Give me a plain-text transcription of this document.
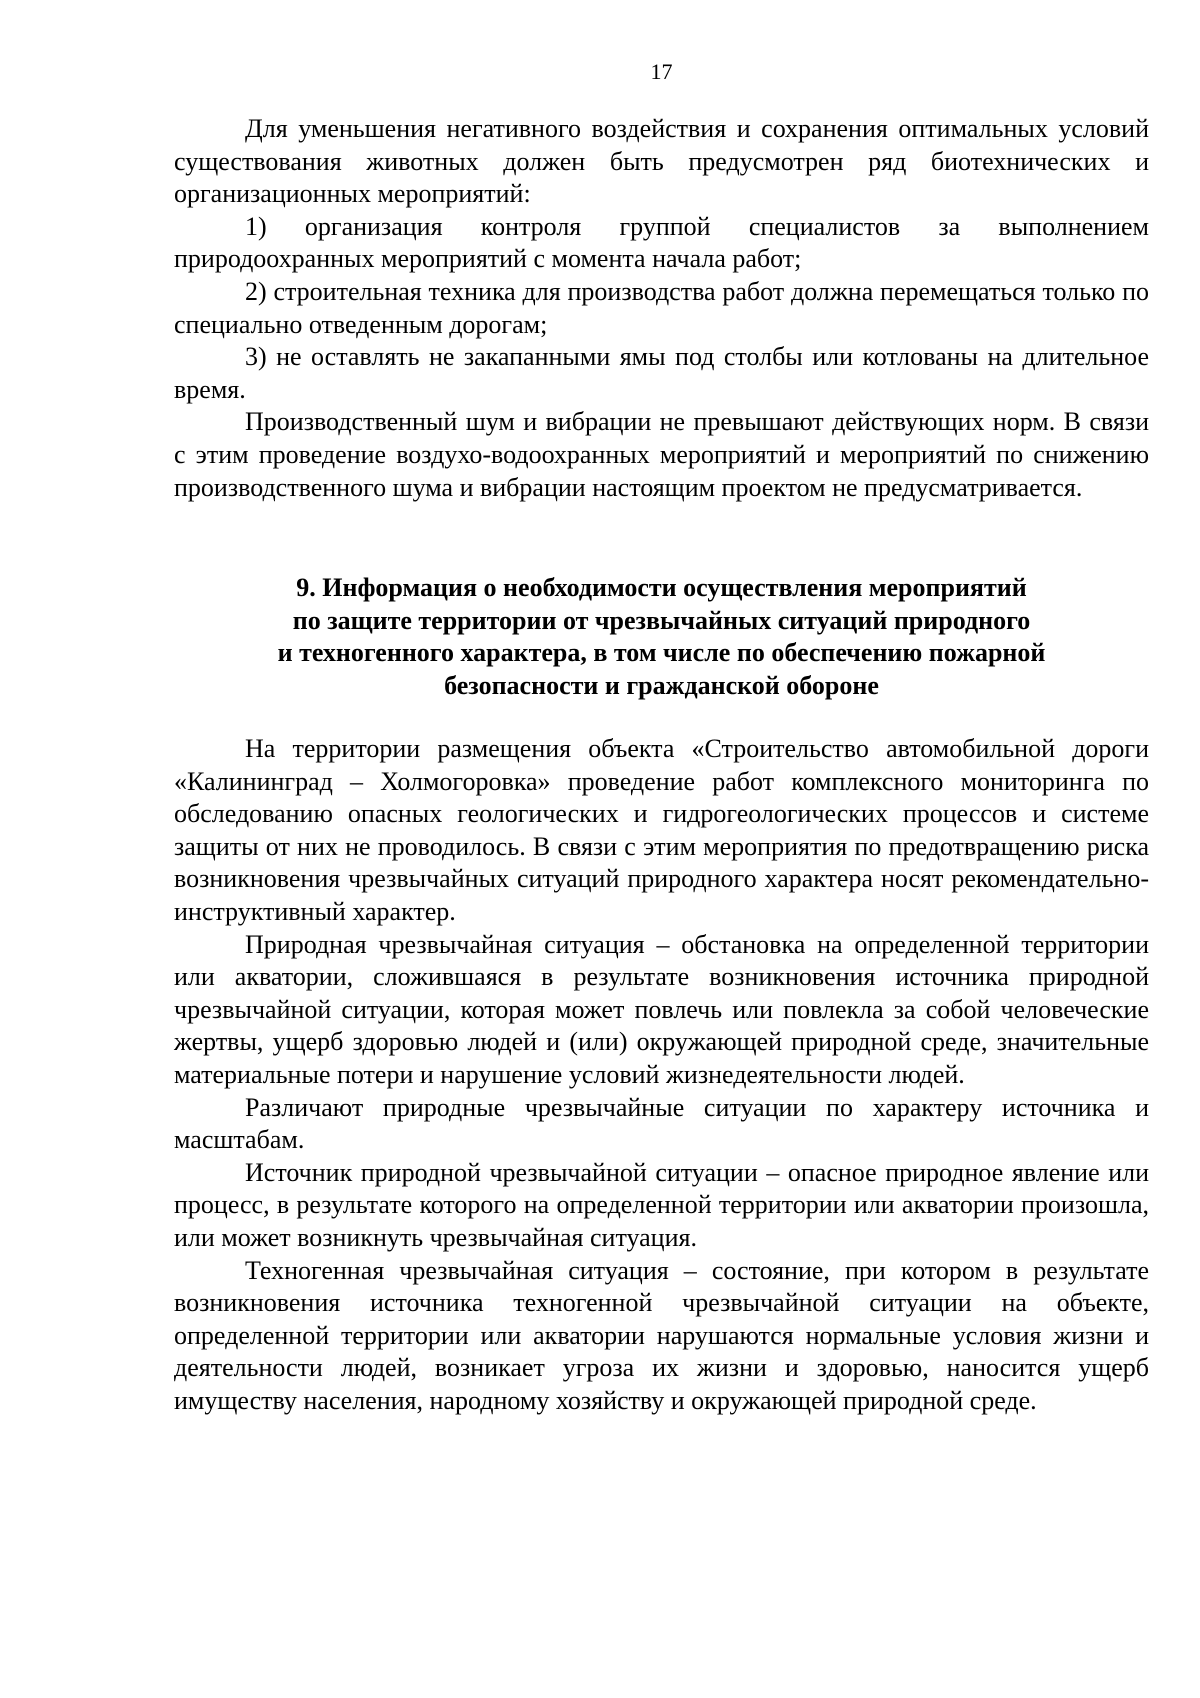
17

Для уменьшения негативного воздействия и сохранения оптимальных условий существования животных должен быть предусмотрен ряд биотехнических и организационных мероприятий:

1) организация контроля группой специалистов за выполнением природоохранных мероприятий с момента начала работ;

2) строительная техника для производства работ должна перемещаться только по специально отведенным дорогам;

3) не оставлять не закапанными ямы под столбы или котлованы на длительное время.

Производственный шум и вибрации не превышают действующих норм. В связи с этим проведение воздухо-водоохранных мероприятий и мероприятий по снижению производственного шума и вибрации настоящим проектом не предусматривается.

9. Информация о необходимости осуществления мероприятий
по защите территории от чрезвычайных ситуаций природного
и техногенного характера, в том числе по обеспечению пожарной
безопасности и гражданской обороне

На территории размещения объекта «Строительство автомобильной дороги «Калининград – Холмогоровка» проведение работ комплексного мониторинга по обследованию опасных геологических и гидрогеологических процессов и системе защиты от них не проводилось. В связи с этим мероприятия по предотвращению риска возникновения чрезвычайных ситуаций природного характера носят рекомендательно-инструктивный характер.

Природная чрезвычайная ситуация – обстановка на определенной территории или акватории, сложившаяся в результате возникновения источника природной чрезвычайной ситуации, которая может повлечь или повлекла за собой человеческие жертвы, ущерб здоровью людей и (или) окружающей природной среде, значительные материальные потери и нарушение условий жизнедеятельности людей.

Различают природные чрезвычайные ситуации по характеру источника и масштабам.

Источник природной чрезвычайной ситуации – опасное природное явление или процесс, в результате которого на определенной территории или акватории произошла, или может возникнуть чрезвычайная ситуация.

Техногенная чрезвычайная ситуация – состояние, при котором в результате возникновения источника техногенной чрезвычайной ситуации на объекте, определенной территории или акватории нарушаются нормальные условия жизни и деятельности людей, возникает угроза их жизни и здоровью, наносится ущерб имуществу населения, народному хозяйству и окружающей природной среде.
